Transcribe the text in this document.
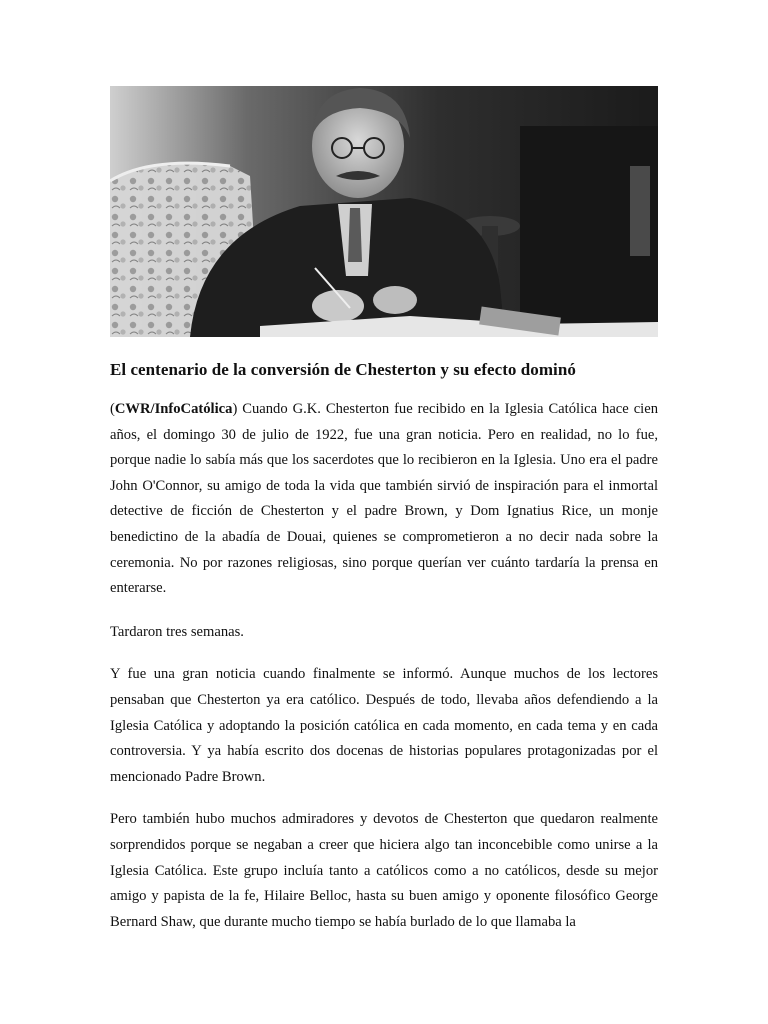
El centenario de la conversión de Chesterton y su efecto dominó

(CWR/InfoCatólica) Cuando G.K. Chesterton fue recibido en la Iglesia Católica hace cien años, el domingo 30 de julio de 1922, fue una gran noticia. Pero en realidad, no lo fue, porque nadie lo sabía más que los sacerdotes que lo recibieron en la Iglesia. Uno era el padre John O'Connor, su amigo de toda la vida que también sirvió de inspiración para el inmortal detective de ficción de Chesterton y el padre Brown, y Dom Ignatius Rice, un monje benedictino de la abadía de Douai, quienes se comprometieron a no decir nada sobre la ceremonia. No por razones religiosas, sino porque querían ver cuánto tardaría la prensa en enterarse.

Tardaron tres semanas.

Y fue una gran noticia cuando finalmente se informó. Aunque muchos de los lectores pensaban que Chesterton ya era católico. Después de todo, llevaba años defendiendo a la Iglesia Católica y adoptando la posición católica en cada momento, en cada tema y en cada controversia. Y ya había escrito dos docenas de historias populares protagonizadas por el mencionado Padre Brown.

Pero también hubo muchos admiradores y devotos de Chesterton que quedaron realmente sorprendidos porque se negaban a creer que hiciera algo tan inconcebible como unirse a la Iglesia Católica. Este grupo incluía tanto a católicos como a no católicos, desde su mejor amigo y papista de la fe, Hilaire Belloc, hasta su buen amigo y oponente filosófico George Bernard Shaw, que durante mucho tiempo se había burlado de lo que llamaba la
